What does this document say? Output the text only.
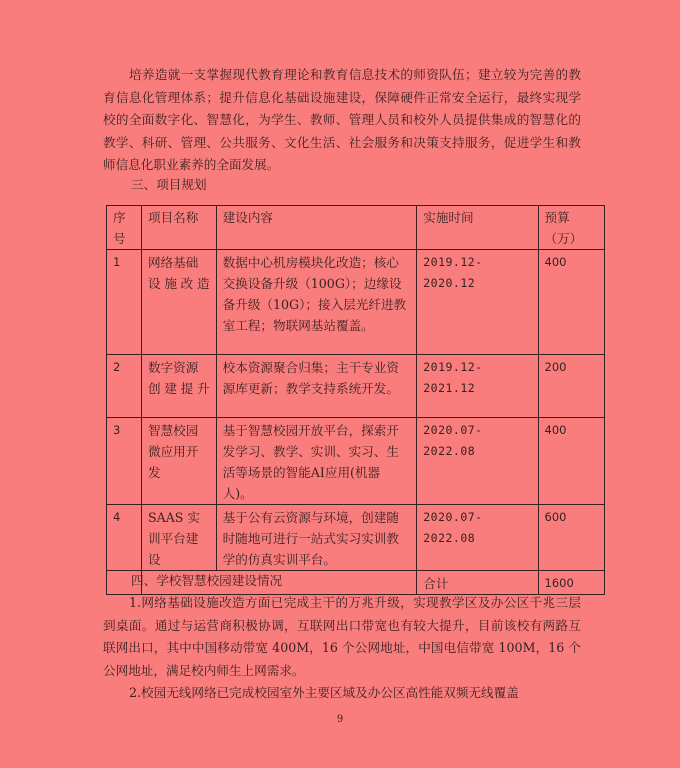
培养造就一支掌握现代教育理论和教育信息技术的师资队伍；建立较为完善的教育信息化管理体系；提升信息化基础设施建设，保障硬件正常安全运行，最终实现学校的全面数字化、智慧化，为学生、教师、管理人员和校外人员提供集成的智慧化的教学、科研、管理、公共服务、文化生活、社会服务和决策支持服务，促进学生和教师信息化职业素养的全面发展。

三、项目规划

序号	项目名称	建设内容	实施时间	预算（万）
1	网络基础设施改造	数据中心机房模块化改造；核心交换设备升级（100G）；边缘设备升级（10G）；接入层光纤进教室工程；物联网基站覆盖。	2019.12-2020.12	400
2	数字资源创建提升	校本资源聚合归集；主干专业资源库更新；教学支持系统开发。	2019.12-2021.12	200
3	智慧校园微应用开发	基于智慧校园开放平台，探索开发学习、教学、实训、实习、生活等场景的智能AI应用(机器人)。	2020.07-2022.08	400
4	SAAS 实训平台建设	基于公有云资源与环境，创建随时随地可进行一站式实习实训教学的仿真实训平台。	2020.07-2022.08	600
			合计	1600

四、学校智慧校园建设情况

1.网络基础设施改造方面已完成主干的万兆升级，实现教学区及办公区千兆三层到桌面。通过与运营商积极协调，互联网出口带宽也有较大提升，目前该校有两路互联网出口，其中中国移动带宽 400M，16 个公网地址，中国电信带宽 100M，16 个公网地址，满足校内师生上网需求。

2.校园无线网络已完成校园室外主要区域及办公区高性能双频无线覆盖

9
